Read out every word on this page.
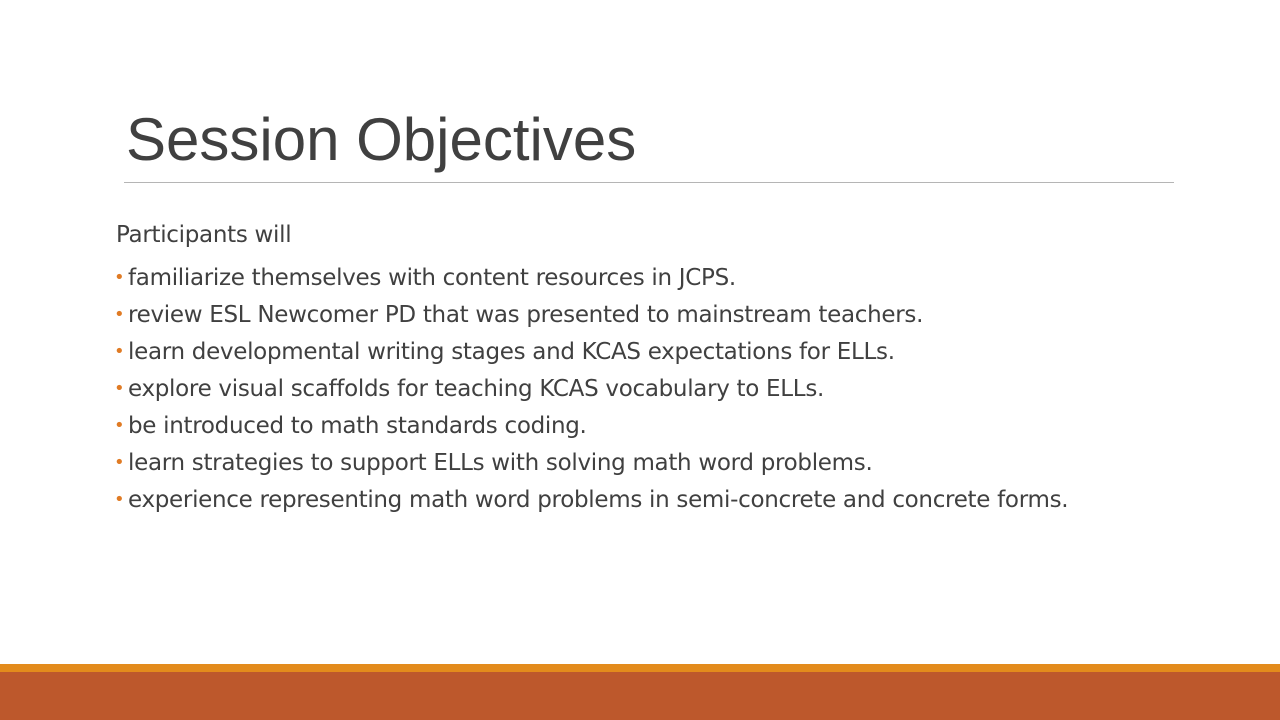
Session Objectives

Participants will

• familiarize themselves with content resources in JCPS.
• review ESL Newcomer PD that was presented to mainstream teachers.
• learn developmental writing stages and KCAS expectations for ELLs.
• explore visual scaffolds for teaching KCAS vocabulary to ELLs.
• be introduced to math standards coding.
• learn strategies to support ELLs with solving math word problems.
• experience representing math word problems in semi-concrete and concrete forms.
